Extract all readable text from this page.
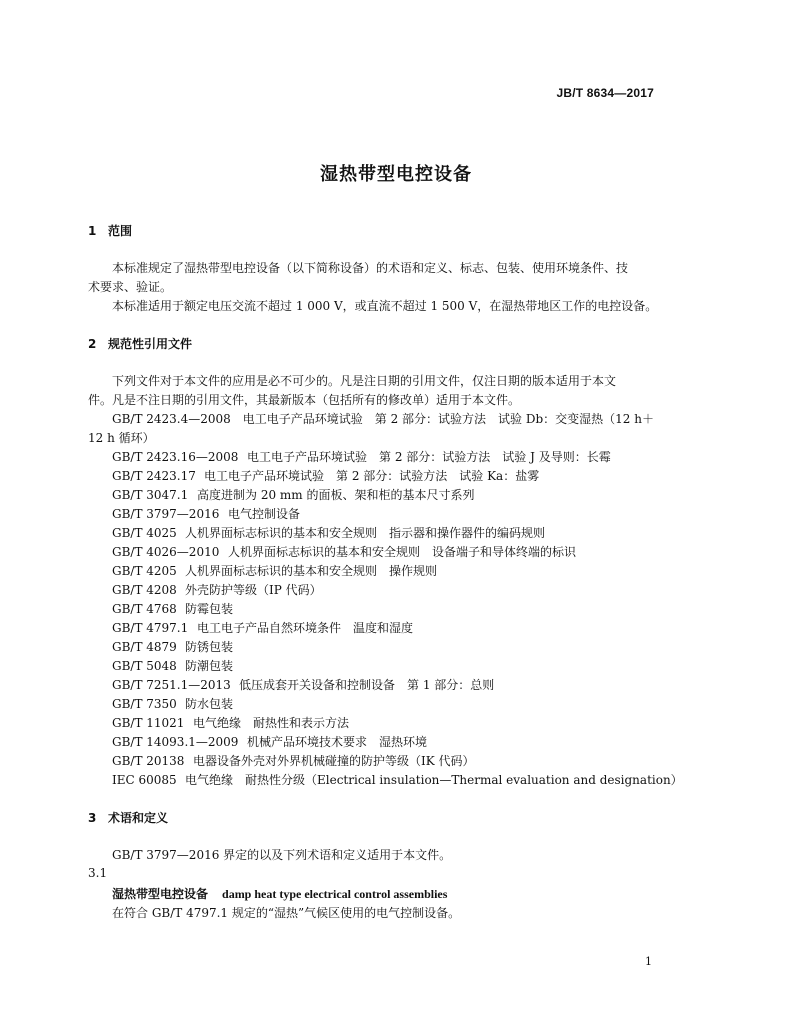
JB/T 8634—2017
湿热带型电控设备
1 范围
本标准规定了湿热带型电控设备（以下简称设备）的术语和定义、标志、包装、使用环境条件、技
术要求、验证。
本标准适用于额定电压交流不超过 1 000 V，或直流不超过 1 500 V，在湿热带地区工作的电控设备。
2 规范性引用文件
下列文件对于本文件的应用是必不可少的。凡是注日期的引用文件，仅注日期的版本适用于本文
件。凡是不注日期的引用文件，其最新版本（包括所有的修改单）适用于本文件。
GB/T 2423.4—2008　电工电子产品环境试验　第 2 部分：试验方法　试验 Db：交变湿热（12 h＋
12 h 循环）
GB/T 2423.16—2008 电工电子产品环境试验　第 2 部分：试验方法　试验 J 及导则：长霉
GB/T 2423.17 电工电子产品环境试验　第 2 部分：试验方法　试验 Ka：盐雾
GB/T 3047.1 高度进制为 20 mm 的面板、架和柜的基本尺寸系列
GB/T 3797—2016 电气控制设备
GB/T 4025 人机界面标志标识的基本和安全规则　指示器和操作器件的编码规则
GB/T 4026—2010 人机界面标志标识的基本和安全规则　设备端子和导体终端的标识
GB/T 4205 人机界面标志标识的基本和安全规则　操作规则
GB/T 4208 外壳防护等级（IP 代码）
GB/T 4768 防霉包装
GB/T 4797.1 电工电子产品自然环境条件　温度和湿度
GB/T 4879 防锈包装
GB/T 5048 防潮包装
GB/T 7251.1—2013 低压成套开关设备和控制设备　第 1 部分：总则
GB/T 7350 防水包装
GB/T 11021 电气绝缘　耐热性和表示方法
GB/T 14093.1—2009 机械产品环境技术要求　湿热环境
GB/T 20138 电器设备外壳对外界机械碰撞的防护等级（IK 代码）
IEC 60085 电气绝缘　耐热性分级（Electrical insulation—Thermal evaluation and designation）
3 术语和定义
GB/T 3797—2016 界定的以及下列术语和定义适用于本文件。
3.1
湿热带型电控设备 damp heat type electrical control assemblies
在符合 GB/T 4797.1 规定的“湿热”气候区使用的电气控制设备。
1
